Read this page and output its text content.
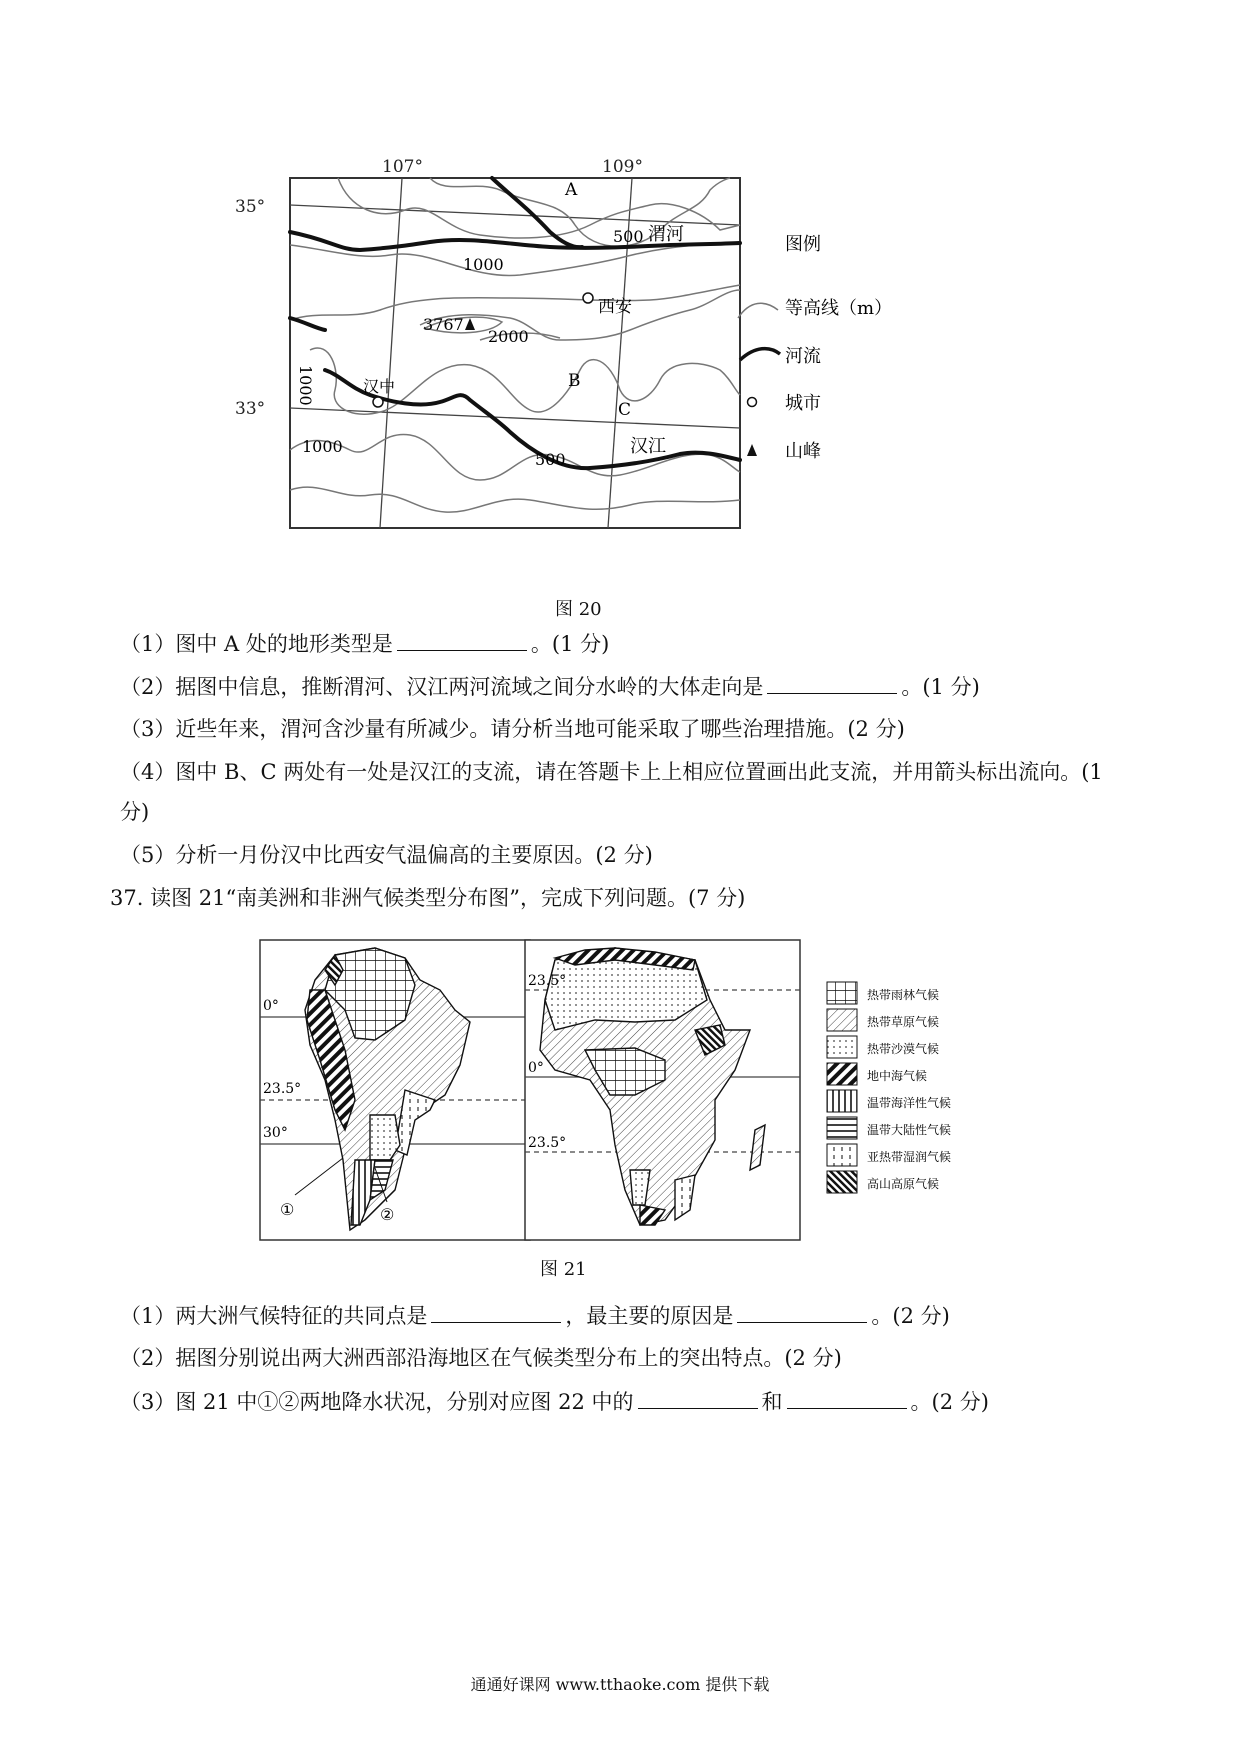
107°	109°
35°
33°
A
B
C
渭河
西安
汉江
汉中
3767
500
1000
2000
1000
1000
500
图例
等高线（m）
河流
城市
山峰
图 20
（1）图中 A 处的地形类型是	。(1 分)
（2）据图中信息，推断渭河、汉江两河流域之间分水岭的大体走向是	。(1 分)
（3）近些年来，渭河含沙量有所减少。请分析当地可能采取了哪些治理措施。(2 分)
（4）图中 B、C 两处有一处是汉江的支流，请在答题卡上上相应位置画出此支流，并用箭头标出流向。(1
分)
（5）分析一月份汉中比西安气温偏高的主要原因。(2 分)
37. 读图 21“南美洲和非洲气候类型分布图”，完成下列问题。(7 分)
0°
23.5°
30°
①	②
23.5°
0°
23.5°
热带雨林气候
热带草原气候
热带沙漠气候
地中海气候
温带海洋性气候
温带大陆性气候
亚热带湿润气候
高山高原气候
图 21
（1）两大洲气候特征的共同点是	，最主要的原因是	。(2 分)
（2）据图分别说出两大洲西部沿海地区在气候类型分布上的突出特点。(2 分)
（3）图 21 中①②两地降水状况，分别对应图 22 中的	和	。(2 分)
通通好课网 www.tthaoke.com 提供下载
